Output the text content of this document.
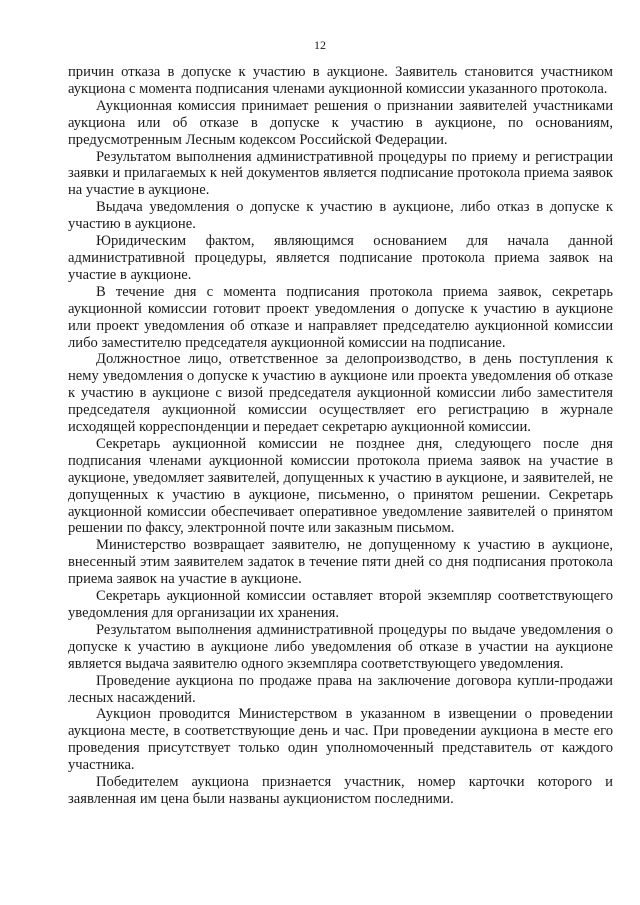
12

причин отказа в допуске к участию в аукционе. Заявитель становится участником аукциона с момента подписания членами аукционной комиссии указанного протокола.

Аукционная комиссия принимает решения о признании заявителей участниками аукциона или об отказе в допуске к участию в аукционе, по основаниям, предусмотренным Лесным кодексом Российской Федерации.

Результатом выполнения административной процедуры по приему и регистрации заявки и прилагаемых к ней документов является подписание протокола приема заявок на участие в аукционе.

Выдача уведомления о допуске к участию в аукционе, либо отказ в допуске к участию в аукционе.

Юридическим фактом, являющимся основанием для начала данной административной процедуры, является подписание протокола приема заявок на участие в аукционе.

В течение дня с момента подписания протокола приема заявок, секретарь аукционной комиссии готовит проект уведомления о допуске к участию в аукционе или проект уведомления об отказе и направляет председателю аукционной комиссии либо заместителю председателя аукционной комиссии на подписание.

Должностное лицо, ответственное за делопроизводство, в день поступления к нему уведомления о допуске к участию в аукционе или проекта уведомления об отказе к участию в аукционе с визой председателя аукционной комиссии либо заместителя председателя аукционной комиссии осуществляет его регистрацию в журнале исходящей корреспонденции и передает секретарю аукционной комиссии.

Секретарь аукционной комиссии не позднее дня, следующего после дня подписания членами аукционной комиссии протокола приема заявок на участие в аукционе, уведомляет заявителей, допущенных к участию в аукционе, и заявителей, не допущенных к участию в аукционе, письменно, о принятом решении. Секретарь аукционной комиссии обеспечивает оперативное уведомление заявителей о принятом решении по факсу, электронной почте или заказным письмом.

Министерство возвращает заявителю, не допущенному к участию в аукционе, внесенный этим заявителем задаток в течение пяти дней со дня подписания протокола приема заявок на участие в аукционе.

Секретарь аукционной комиссии оставляет второй экземпляр соответствующего уведомления для организации их хранения.

Результатом выполнения административной процедуры по выдаче уведомления о допуске к участию в аукционе либо уведомления об отказе в участии на аукционе является выдача заявителю одного экземпляра соответствующего уведомления.

Проведение аукциона по продаже права на заключение договора купли-продажи лесных насаждений.

Аукцион проводится Министерством в указанном в извещении о проведении аукциона месте, в соответствующие день и час. При проведении аукциона в месте его проведения присутствует только один уполномоченный представитель от каждого участника.

Победителем аукциона признается участник, номер карточки которого и заявленная им цена были названы аукционистом последними.
